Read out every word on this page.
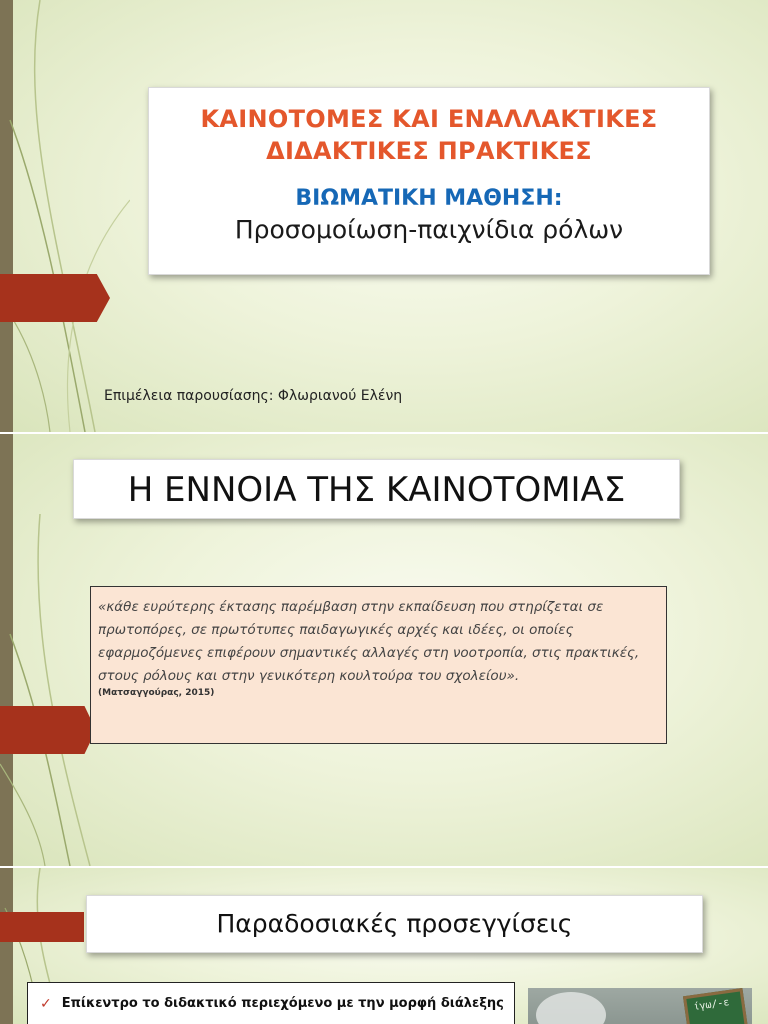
ΚΑΙΝΟΤΟΜΕΣ ΚΑΙ ΕΝΑΛΛΑΚΤΙΚΕΣ
ΔΙΔΑΚΤΙΚΕΣ ΠΡΑΚΤΙΚΕΣ
ΒΙΩΜΑΤΙΚΗ ΜΑΘΗΣΗ:
Προσομοίωση-παιχνίδια ρόλων
Επιμέλεια παρουσίασης: Φλωριανού Ελένη
Η ΕΝΝΟΙΑ ΤΗΣ ΚΑΙΝΟΤΟΜΙΑΣ
«κάθε ευρύτερης έκτασης παρέμβαση στην εκπαίδευση που στηρίζεται σε πρωτοπόρες, σε πρωτότυπες παιδαγωγικές αρχές και ιδέες, οι οποίες εφαρμοζόμενες επιφέρουν σημαντικές αλλαγές στη νοοτροπία, στις πρακτικές, στους ρόλους και στην γενικότερη κουλτούρα του σχολείου».
(Ματσαγγούρας, 2015)
Παραδοσιακές προσεγγίσεις
✓ Επίκεντρο το διδακτικό περιεχόμενο με την μορφή διάλεξης	ίγω/-ε
